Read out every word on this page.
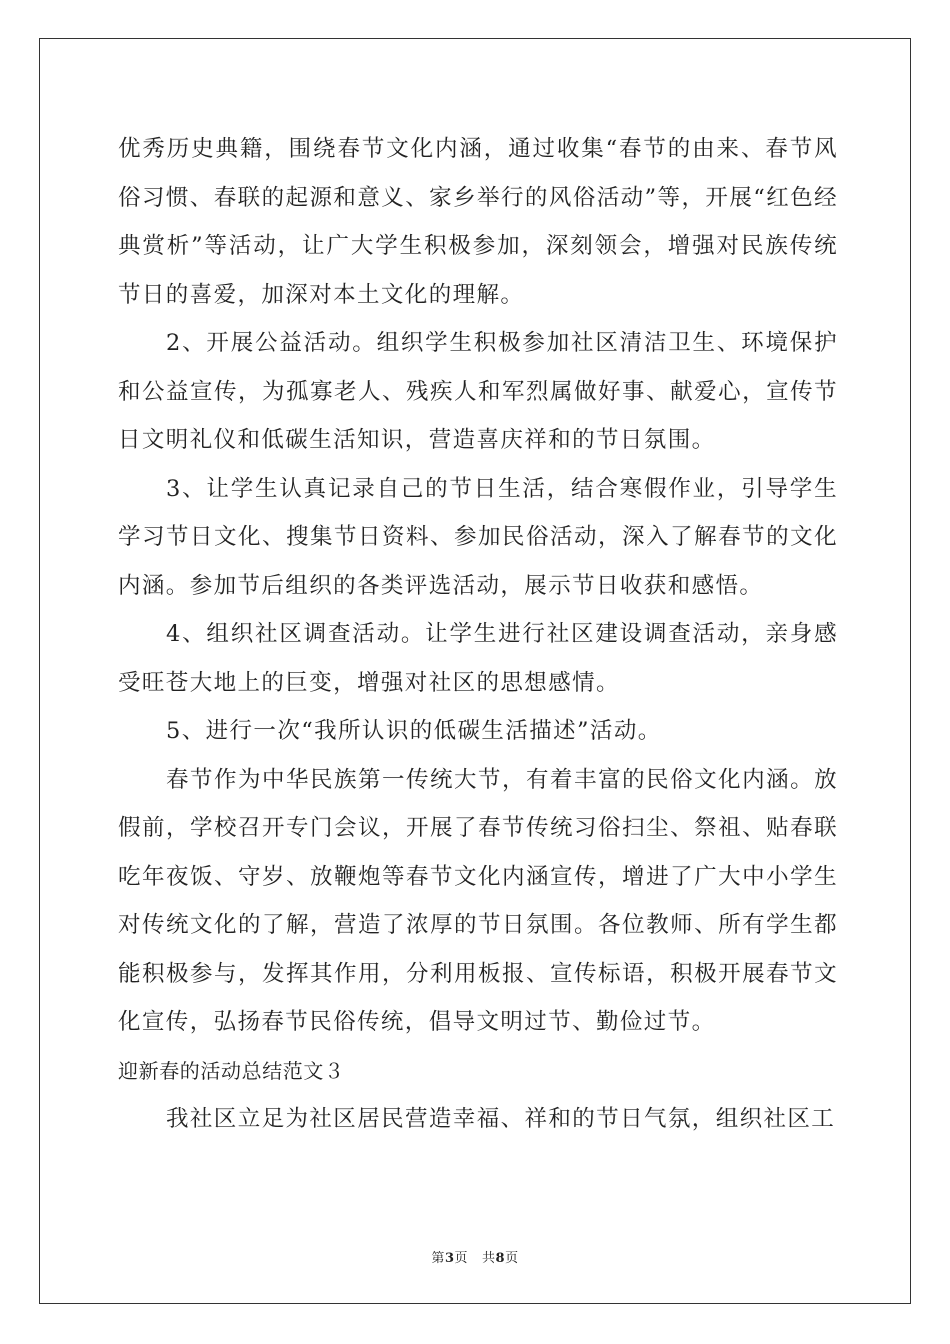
优秀历史典籍，围绕春节文化内涵，通过收集“春节的由来、春节风俗习惯、春联的起源和意义、家乡举行的风俗活动”等，开展“红色经典赏析”等活动，让广大学生积极参加，深刻领会，增强对民族传统节日的喜爱，加深对本土文化的理解。

2、开展公益活动。组织学生积极参加社区清洁卫生、环境保护和公益宣传，为孤寡老人、残疾人和军烈属做好事、献爱心，宣传节日文明礼仪和低碳生活知识，营造喜庆祥和的节日氛围。

3、让学生认真记录自己的节日生活，结合寒假作业，引导学生学习节日文化、搜集节日资料、参加民俗活动，深入了解春节的文化内涵。参加节后组织的各类评选活动，展示节日收获和感悟。

4、组织社区调查活动。让学生进行社区建设调查活动，亲身感受旺苍大地上的巨变，增强对社区的思想感情。

5、进行一次“我所认识的低碳生活描述”活动。

春节作为中华民族第一传统大节，有着丰富的民俗文化内涵。放假前，学校召开专门会议，开展了春节传统习俗扫尘、祭祖、贴春联吃年夜饭、守岁、放鞭炮等春节文化内涵宣传，增进了广大中小学生对传统文化的了解，营造了浓厚的节日氛围。各位教师、所有学生都能积极参与，发挥其作用，分利用板报、宣传标语，积极开展春节文化宣传，弘扬春节民俗传统，倡导文明过节、勤俭过节。

迎新春的活动总结范文３

我社区立足为社区居民营造幸福、祥和的节日气氛，组织社区工

第3页 共8页
